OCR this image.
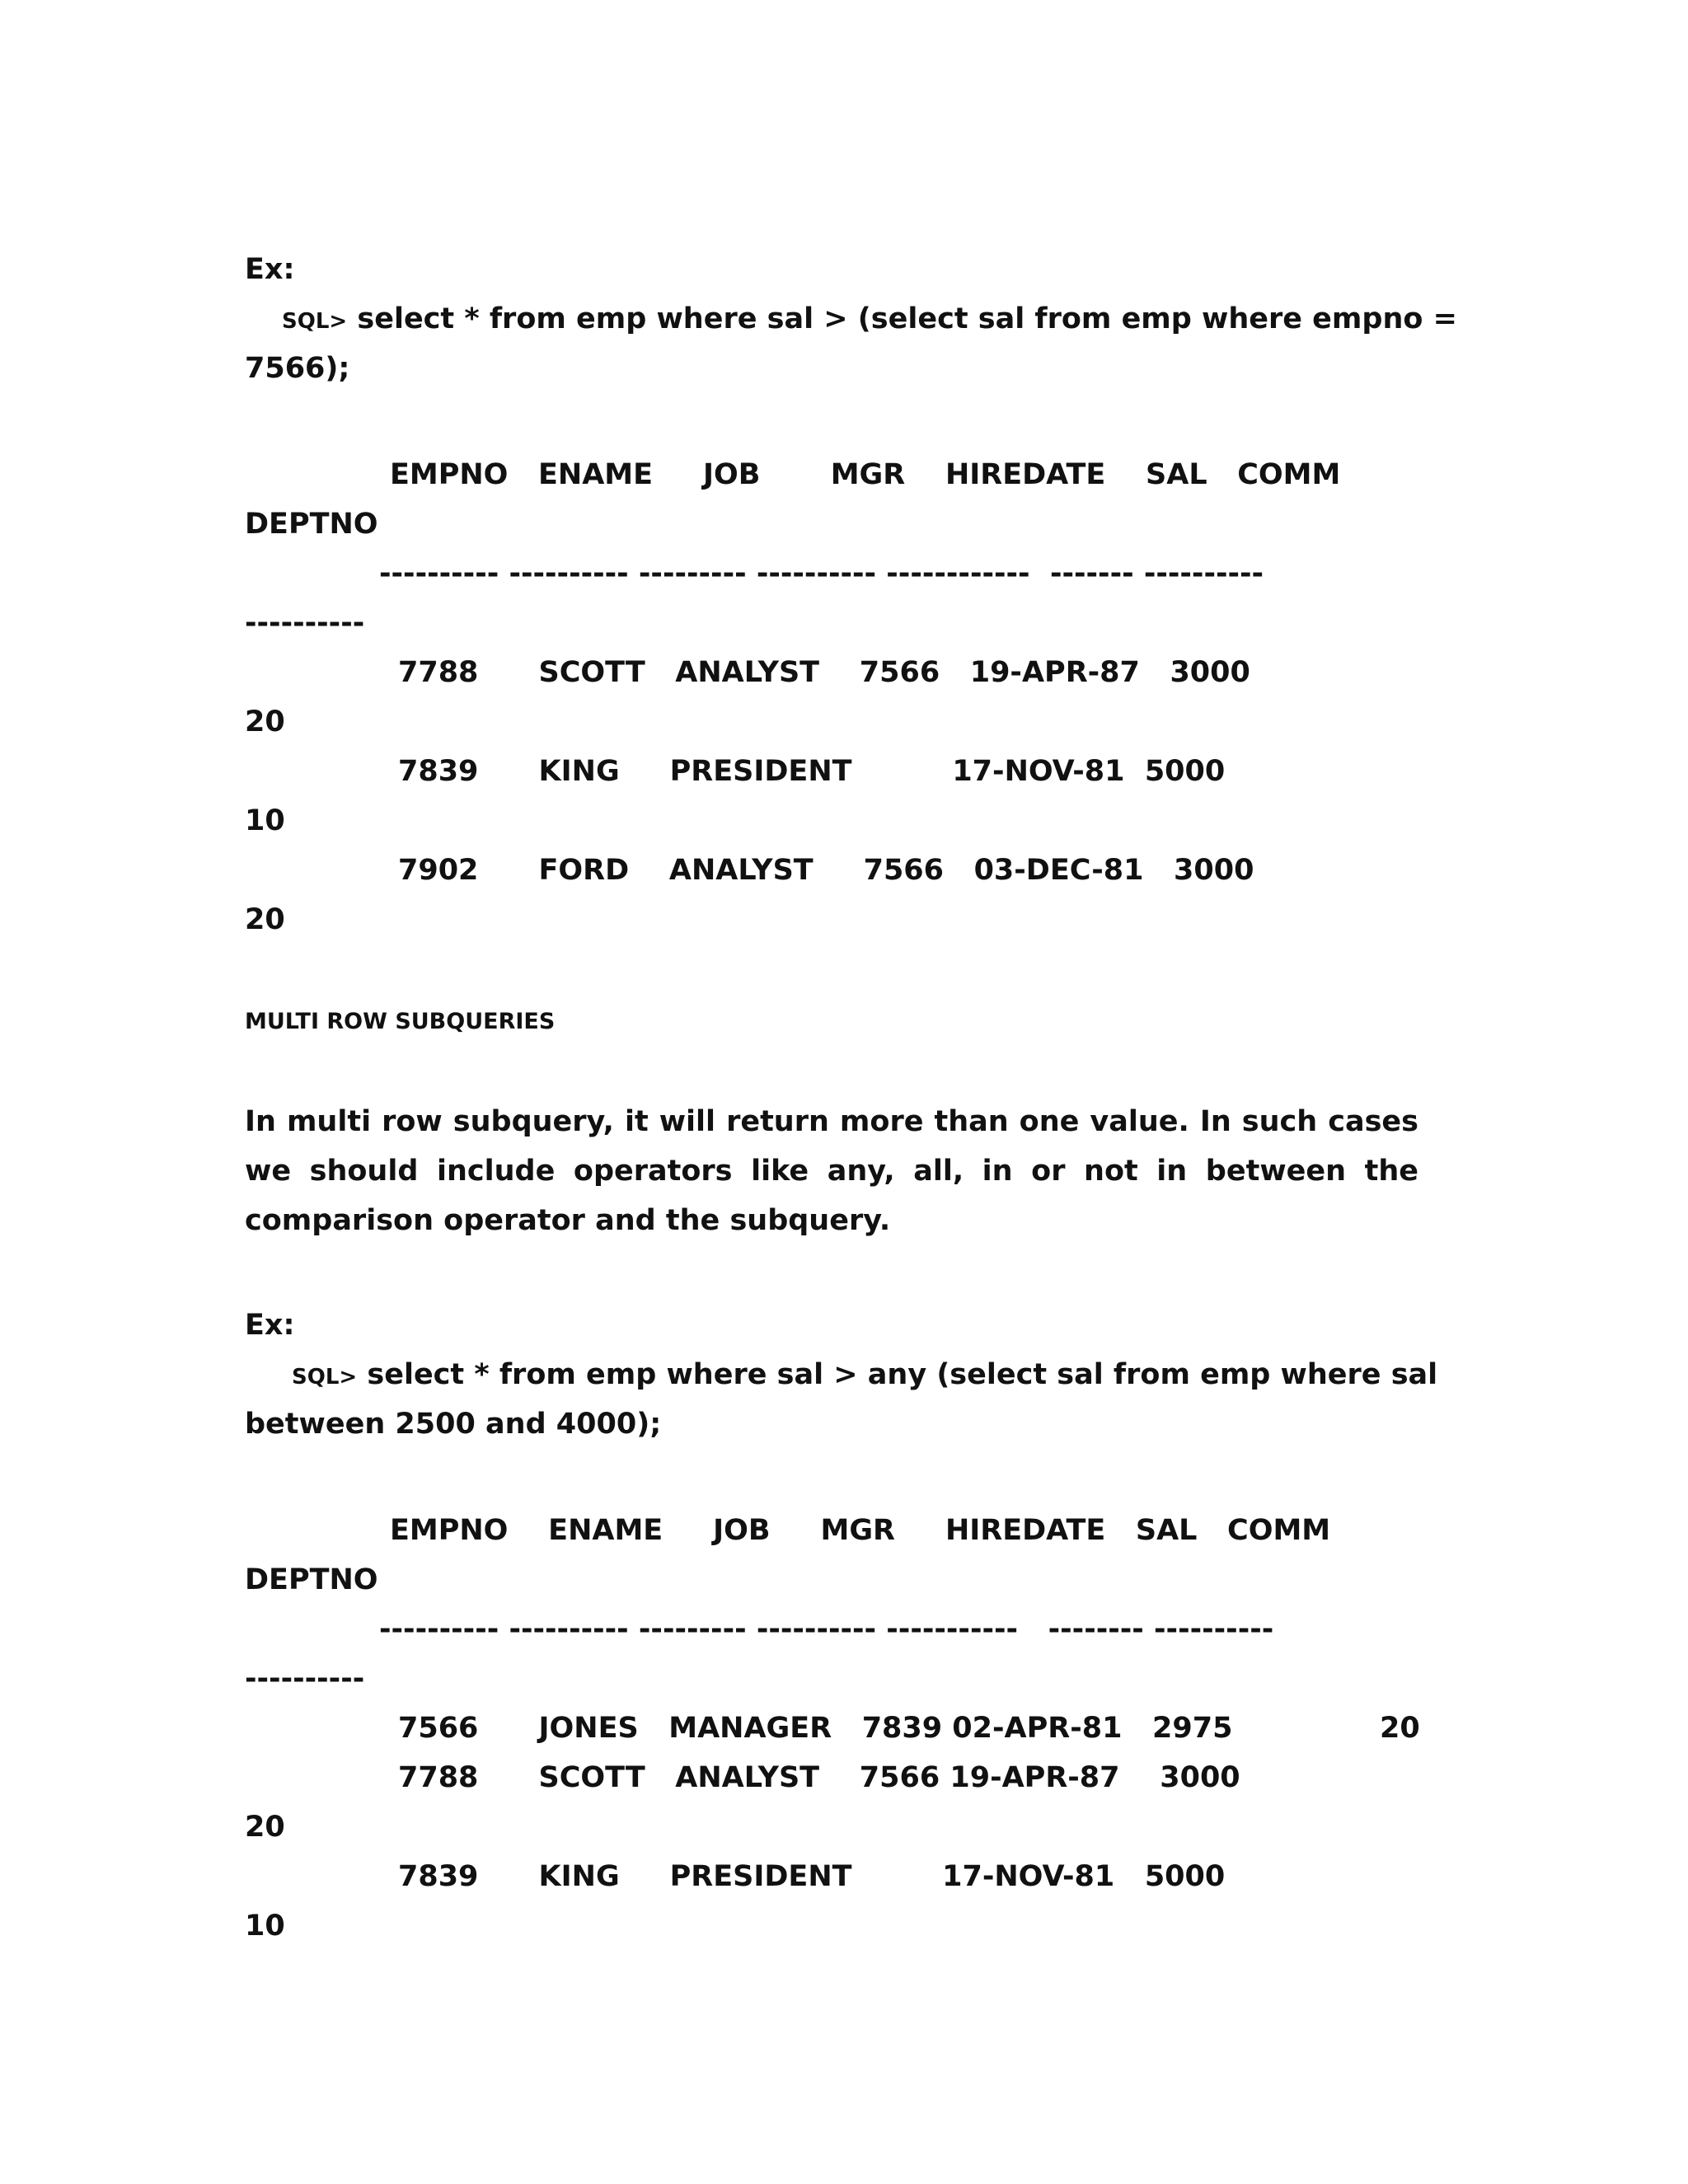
Ex:
SQL> select * from emp where sal > (select sal from emp where empno =
7566);
EMPNO   ENAME     JOB       MGR    HIREDATE    SAL   COMM
DEPTNO
---------- ---------- --------- ---------- ------------  ------- ----------
----------
7788      SCOTT   ANALYST    7566   19-APR-87   3000
20
7839      KING     PRESIDENT          17-NOV-81  5000
10
7902      FORD    ANALYST     7566   03-DEC-81   3000
20
MULTI ROW SUBQUERIES
In multi row subquery, it will return more than one value. In such cases we should include operators like any, all, in or not in between the comparison operator and the subquery.
Ex:
SQL> select * from emp where sal > any (select sal from emp where sal
between 2500 and 4000);
EMPNO    ENAME     JOB     MGR     HIREDATE   SAL   COMM
DEPTNO
---------- ---------- --------- ---------- -----------   -------- ----------
----------
7566      JONES   MANAGER   7839 02-APR-81   2975	20
7788      SCOTT   ANALYST    7566 19-APR-87    3000
20
7839      KING     PRESIDENT         17-NOV-81   5000
10
